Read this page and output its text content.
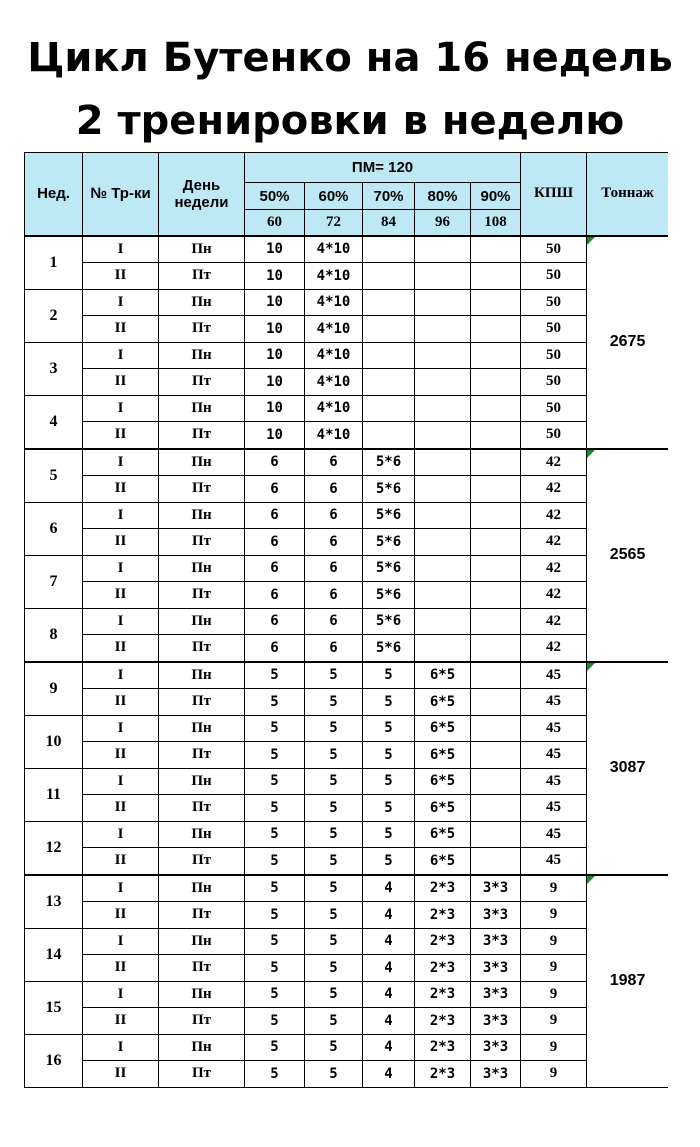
Цикл Бутенко на 16 недель
2 тренировки в неделю
Нед.	№ Тр-ки	День недели	ПМ= 120					КПШ	Тоннаж
			50%	60%	70%	80%	90%		
			60	72	84	96	108		
1	I	Пн	10	4*10				50	2675
	II	Пт	10	4*10				50	
2	I	Пн	10	4*10				50	
	II	Пт	10	4*10				50	
3	I	Пн	10	4*10				50	
	II	Пт	10	4*10				50	
4	I	Пн	10	4*10				50	
	II	Пт	10	4*10				50	
5	I	Пн	6	6	5*6			42	2565
	II	Пт	6	6	5*6			42	
6	I	Пн	6	6	5*6			42	
	II	Пт	6	6	5*6			42	
7	I	Пн	6	6	5*6			42	
	II	Пт	6	6	5*6			42	
8	I	Пн	6	6	5*6			42	
	II	Пт	6	6	5*6			42	
9	I	Пн	5	5	5	6*5		45	3087
	II	Пт	5	5	5	6*5		45	
10	I	Пн	5	5	5	6*5		45	
	II	Пт	5	5	5	6*5		45	
11	I	Пн	5	5	5	6*5		45	
	II	Пт	5	5	5	6*5		45	
12	I	Пн	5	5	5	6*5		45	
	II	Пт	5	5	5	6*5		45	
13	I	Пн	5	5	4	2*3	3*3	9	1987
	II	Пт	5	5	4	2*3	3*3	9	
14	I	Пн	5	5	4	2*3	3*3	9	
	II	Пт	5	5	4	2*3	3*3	9	
15	I	Пн	5	5	4	2*3	3*3	9	
	II	Пт	5	5	4	2*3	3*3	9	
16	I	Пн	5	5	4	2*3	3*3	9	
	II	Пт	5	5	4	2*3	3*3	9	
